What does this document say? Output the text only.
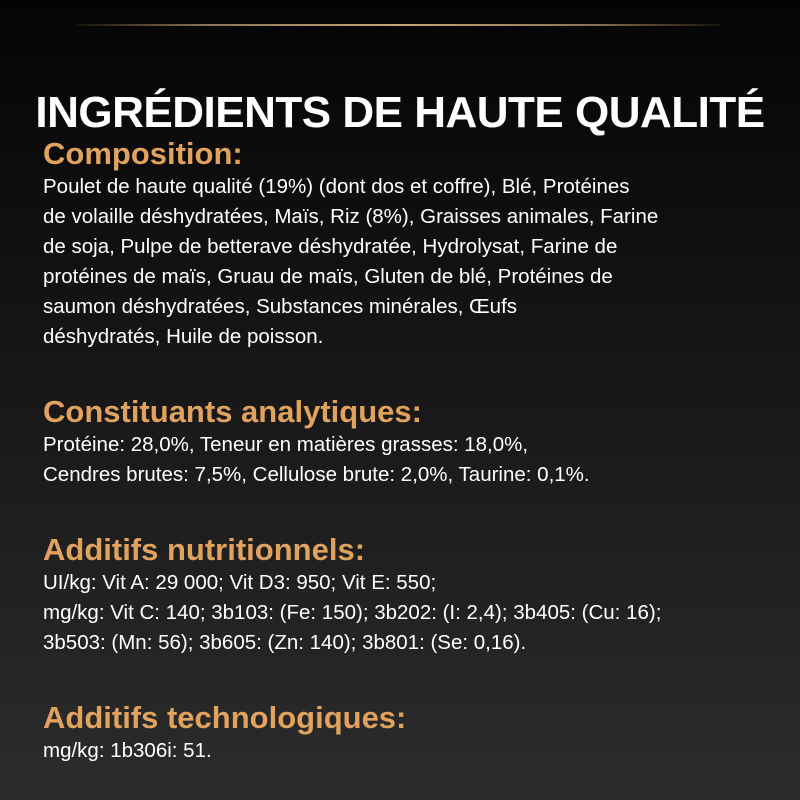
INGRÉDIENTS DE HAUTE QUALITÉ
Composition:

Poulet de haute qualité (19%) (dont dos et coffre), Blé, Protéines
de volaille déshydratées, Maïs, Riz (8%), Graisses animales, Farine
de soja, Pulpe de betterave déshydratée, Hydrolysat, Farine de
protéines de maïs, Gruau de maïs, Gluten de blé, Protéines de
saumon déshydratées, Substances minérales, Œufs
déshydratés, Huile de poisson.

Constituants analytiques:

Protéine: 28,0%, Teneur en matières grasses: 18,0%,
Cendres brutes: 7,5%, Cellulose brute: 2,0%, Taurine: 0,1%.

Additifs nutritionnels:

UI/kg: Vit A: 29 000; Vit D3: 950; Vit E: 550;
mg/kg: Vit C: 140; 3b103: (Fe: 150); 3b202: (I: 2,4); 3b405: (Cu: 16);
3b503: (Mn: 56); 3b605: (Zn: 140); 3b801: (Se: 0,16).

Additifs technologiques:

mg/kg: 1b306i: 51.
